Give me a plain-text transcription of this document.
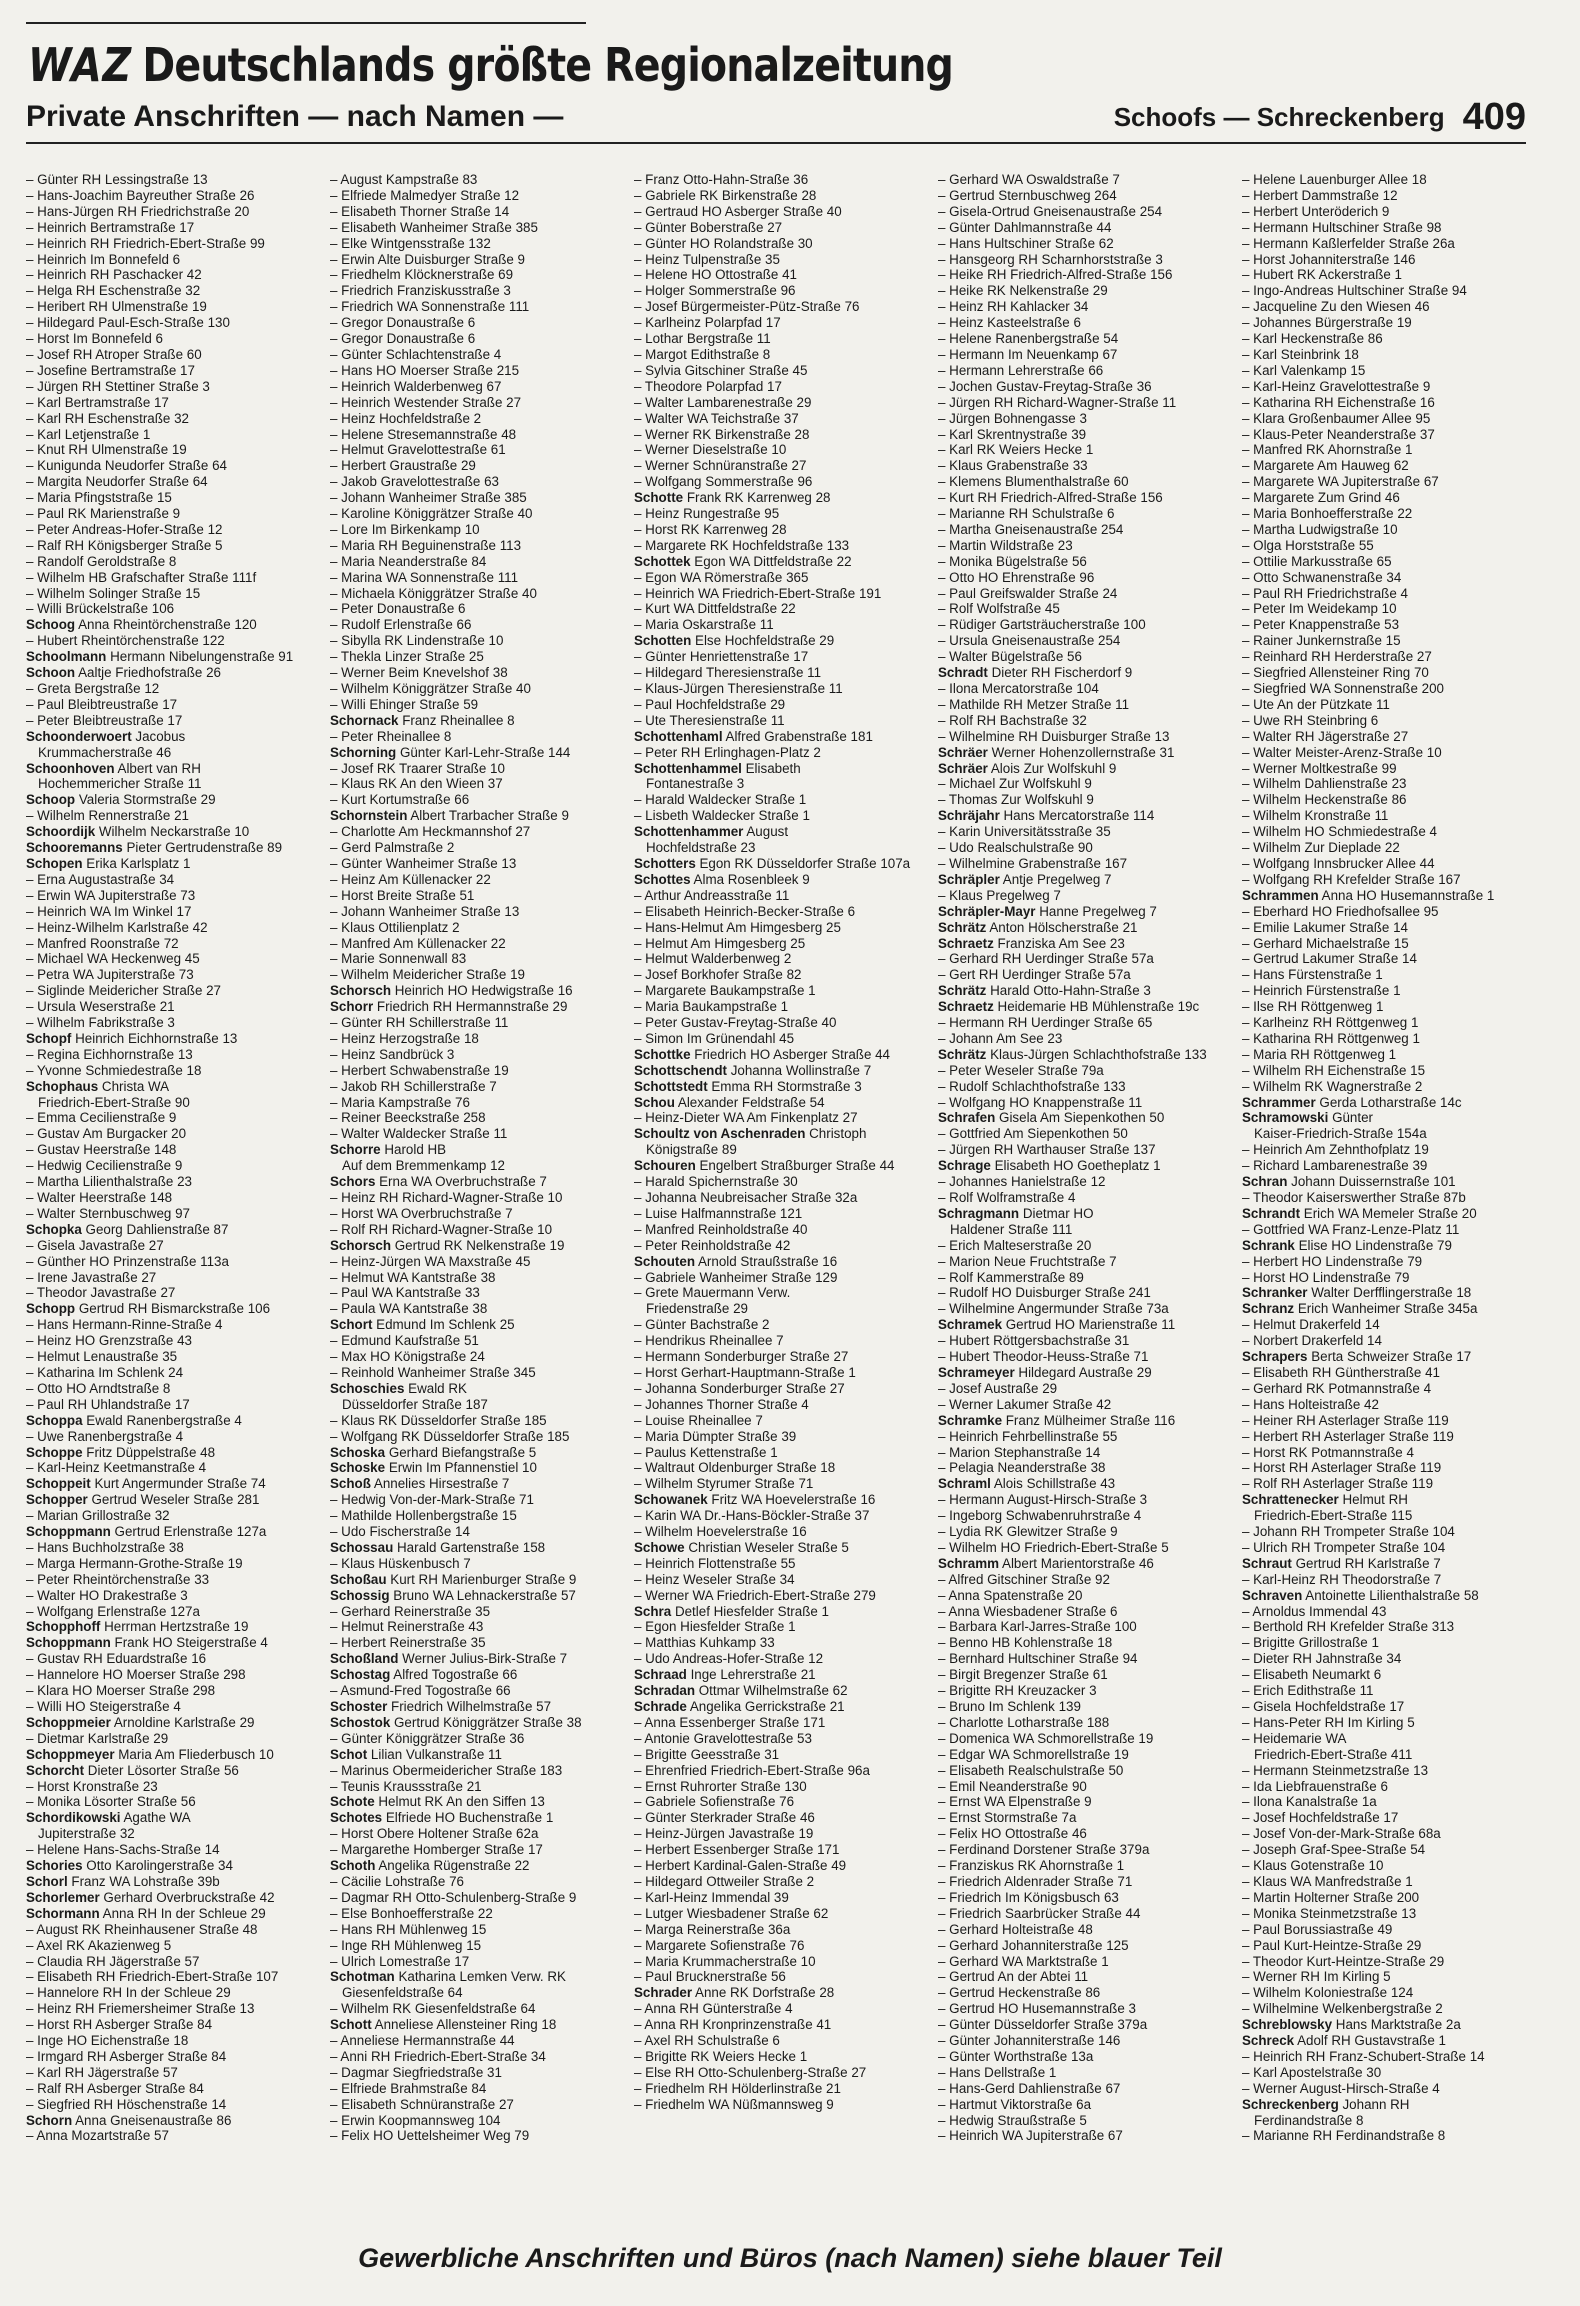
WAZ Deutschlands größte Regionalzeitung
Private Anschriften — nach Namen —	Schoofs — Schreckenberg 409
– Günter RH Lessingstraße 13
– Hans-Joachim Bayreuther Straße 26
– Hans-Jürgen RH Friedrichstraße 20
– Heinrich Bertramstraße 17
– Heinrich RH Friedrich-Ebert-Straße 99
– Heinrich Im Bonnefeld 6
– Heinrich RH Paschacker 42
– Helga RH Eschenstraße 32
– Heribert RH Ulmenstraße 19
– Hildegard Paul-Esch-Straße 130
– Horst Im Bonnefeld 6
– Josef RH Atroper Straße 60
– Josefine Bertramstraße 17
– Jürgen RH Stettiner Straße 3
– Karl Bertramstraße 17
– Karl RH Eschenstraße 32
– Karl Letjenstraße 1
– Knut RH Ulmenstraße 19
– Kunigunda Neudorfer Straße 64
– Margita Neudorfer Straße 64
– Maria Pfingststraße 15
– Paul RK Marienstraße 9
– Peter Andreas-Hofer-Straße 12
– Ralf RH Königsberger Straße 5
– Randolf Geroldstraße 8
– Wilhelm HB Grafschafter Straße 111f
– Wilhelm Solinger Straße 15
– Willi Brückelstraße 106
Schoog Anna Rheintörchenstraße 120
– Hubert Rheintörchenstraße 122
Schoolmann Hermann Nibelungenstraße 91
Schoon Aaltje Friedhofstraße 26
– Greta Bergstraße 12
– Paul Bleibtreustraße 17
– Peter Bleibtreustraße 17
Schoonderwoert Jacobus
Krummacherstraße 46
Schoonhoven Albert van RH
Hochemmericher Straße 11
Schoop Valeria Stormstraße 29
– Wilhelm Rennerstraße 21
Schoordijk Wilhelm Neckarstraße 10
Schooremanns Pieter Gertrudenstraße 89
Schopen Erika Karlsplatz 1
– Erna Augustastraße 34
– Erwin WA Jupiterstraße 73
– Heinrich WA Im Winkel 17
– Heinz-Wilhelm Karlstraße 42
– Manfred Roonstraße 72
– Michael WA Heckenweg 45
– Petra WA Jupiterstraße 73
– Siglinde Meidericher Straße 27
– Ursula Weserstraße 21
– Wilhelm Fabrikstraße 3
Schopf Heinrich Eichhornstraße 13
– Regina Eichhornstraße 13
– Yvonne Schmiedestraße 18
Schophaus Christa WA
Friedrich-Ebert-Straße 90
– Emma Cecilienstraße 9
– Gustav Am Burgacker 20
– Gustav Heerstraße 148
– Hedwig Cecilienstraße 9
– Martha Lilienthalstraße 23
– Walter Heerstraße 148
– Walter Sternbuschweg 97
Schopka Georg Dahlienstraße 87
– Gisela Javastraße 27
– Günther HO Prinzenstraße 113a
– Irene Javastraße 27
– Theodor Javastraße 27
Schopp Gertrud RH Bismarckstraße 106
– Hans Hermann-Rinne-Straße 4
– Heinz HO Grenzstraße 43
– Helmut Lenaustraße 35
– Katharina Im Schlenk 24
– Otto HO Arndtstraße 8
– Paul RH Uhlandstraße 17
Schoppa Ewald Ranenbergstraße 4
– Uwe Ranenbergstraße 4
Schoppe Fritz Düppelstraße 48
– Karl-Heinz Keetmanstraße 4
Schoppeit Kurt Angermunder Straße 74
Schopper Gertrud Weseler Straße 281
– Marian Grillostraße 32
Schoppmann Gertrud Erlenstraße 127a
– Hans Buchholzstraße 38
– Marga Hermann-Grothe-Straße 19
– Peter Rheintörchenstraße 33
– Walter HO Drakestraße 3
– Wolfgang Erlenstraße 127a
Schopphoff Herrman Hertzstraße 19
Schoppmann Frank HO Steigerstraße 4
– Gustav RH Eduardstraße 16
– Hannelore HO Moerser Straße 298
– Klara HO Moerser Straße 298
– Willi HO Steigerstraße 4
Schoppmeier Arnoldine Karlstraße 29
– Dietmar Karlstraße 29
Schoppmeyer Maria Am Fliederbusch 10
Schorcht Dieter Lösorter Straße 56
– Horst Kronstraße 23
– Monika Lösorter Straße 56
Schordikowski Agathe WA
Jupiterstraße 32
– Helene Hans-Sachs-Straße 14
Schories Otto Karolingerstraße 34
Schorl Franz WA Lohstraße 39b
Schorlemer Gerhard Overbruckstraße 42
Schormann Anna RH In der Schleue 29
– August RK Rheinhausener Straße 48
– Axel RK Akazienweg 5
– Claudia RH Jägerstraße 57
– Elisabeth RH Friedrich-Ebert-Straße 107
– Hannelore RH In der Schleue 29
– Heinz RH Friemersheimer Straße 13
– Horst RH Asberger Straße 84
– Inge HO Eichenstraße 18
– Irmgard RH Asberger Straße 84
– Karl RH Jägerstraße 57
– Ralf RH Asberger Straße 84
– Siegfried RH Höschenstraße 14
Schorn Anna Gneisenaustraße 86
– Anna Mozartstraße 57
– August Kampstraße 83
– Elfriede Malmedyer Straße 12
– Elisabeth Thorner Straße 14
– Elisabeth Wanheimer Straße 385
– Elke Wintgensstraße 132
– Erwin Alte Duisburger Straße 9
– Friedhelm Klöcknerstraße 69
– Friedrich Franziskusstraße 3
– Friedrich WA Sonnenstraße 111
– Gregor Donaustraße 6
– Gregor Donaustraße 6
– Günter Schlachtenstraße 4
– Hans HO Moerser Straße 215
– Heinrich Walderbenweg 67
– Heinrich Westender Straße 27
– Heinz Hochfeldstraße 2
– Helene Stresemannstraße 48
– Helmut Gravelottestraße 61
– Herbert Graustraße 29
– Jakob Gravelottestraße 63
– Johann Wanheimer Straße 385
– Karoline Königgrätzer Straße 40
– Lore Im Birkenkamp 10
– Maria RH Beguinenstraße 113
– Maria Neanderstraße 84
– Marina WA Sonnenstraße 111
– Michaela Königgrätzer Straße 40
– Peter Donaustraße 6
– Rudolf Erlenstraße 66
– Sibylla RK Lindenstraße 10
– Thekla Linzer Straße 25
– Werner Beim Knevelshof 38
– Wilhelm Königgrätzer Straße 40
– Willi Ehinger Straße 59
Schornack Franz Rheinallee 8
– Peter Rheinallee 8
Schorning Günter Karl-Lehr-Straße 144
– Josef RK Traarer Straße 10
– Klaus RK An den Wieen 37
– Kurt Kortumstraße 66
Schornstein Albert Trarbacher Straße 9
– Charlotte Am Heckmannshof 27
– Gerd Palmstraße 2
– Günter Wanheimer Straße 13
– Heinz Am Küllenacker 22
– Horst Breite Straße 51
– Johann Wanheimer Straße 13
– Klaus Ottilienplatz 2
– Manfred Am Küllenacker 22
– Marie Sonnenwall 83
– Wilhelm Meidericher Straße 19
Schorsch Heinrich HO Hedwigstraße 16
Schorr Friedrich RH Hermannstraße 29
– Günter RH Schillerstraße 11
– Heinz Herzogstraße 18
– Heinz Sandbrück 3
– Herbert Schwabenstraße 19
– Jakob RH Schillerstraße 7
– Maria Kampstraße 76
– Reiner Beeckstraße 258
– Walter Waldecker Straße 11
Schorre Harold HB
Auf dem Bremmenkamp 12
Schors Erna WA Overbruchstraße 7
– Heinz RH Richard-Wagner-Straße 10
– Horst WA Overbruchstraße 7
– Rolf RH Richard-Wagner-Straße 10
Schorsch Gertrud RK Nelkenstraße 19
– Heinz-Jürgen WA Maxstraße 45
– Helmut WA Kantstraße 38
– Paul WA Kantstraße 33
– Paula WA Kantstraße 38
Schort Edmund Im Schlenk 25
– Edmund Kaufstraße 51
– Max HO Königstraße 24
– Reinhold Wanheimer Straße 345
Schoschies Ewald RK
Düsseldorfer Straße 187
– Klaus RK Düsseldorfer Straße 185
– Wolfgang RK Düsseldorfer Straße 185
Schoska Gerhard Biefangstraße 5
Schoske Erwin Im Pfannenstiel 10
Schoß Annelies Hirsestraße 7
– Hedwig Von-der-Mark-Straße 71
– Mathilde Hollenbergstraße 15
– Udo Fischerstraße 14
Schossau Harald Gartenstraße 158
– Klaus Hüskenbusch 7
Schoßau Kurt RH Marienburger Straße 9
Schossig Bruno WA Lehnackerstraße 57
– Gerhard Reinerstraße 35
– Helmut Reinerstraße 43
– Herbert Reinerstraße 35
Schoßland Werner Julius-Birk-Straße 7
Schostag Alfred Togostraße 66
– Asmund-Fred Togostraße 66
Schoster Friedrich Wilhelmstraße 57
Schostok Gertrud Königgrätzer Straße 38
– Günter Königgrätzer Straße 36
Schot Lilian Vulkanstraße 11
– Marinus Obermeidericher Straße 183
– Teunis Kraussstraße 21
Schote Helmut RK An den Siffen 13
Schotes Elfriede HO Buchenstraße 1
– Horst Obere Holtener Straße 62a
– Margarethe Homberger Straße 17
Schoth Angelika Rügenstraße 22
– Cäcilie Lohstraße 76
– Dagmar RH Otto-Schulenberg-Straße 9
– Else Bonhoefferstraße 22
– Hans RH Mühlenweg 15
– Inge RH Mühlenweg 15
– Ulrich Lomestraße 17
Schotman Katharina Lemken Verw. RK
Giesenfeldstraße 64
– Wilhelm RK Giesenfeldstraße 64
Schott Anneliese Allensteiner Ring 18
– Anneliese Hermannstraße 44
– Anni RH Friedrich-Ebert-Straße 34
– Dagmar Siegfriedstraße 31
– Elfriede Brahmstraße 84
– Elisabeth Schnüranstraße 27
– Erwin Koopmannsweg 104
– Felix HO Uettelsheimer Weg 79
– Franz Otto-Hahn-Straße 36
– Gabriele RK Birkenstraße 28
– Gertraud HO Asberger Straße 40
– Günter Boberstraße 27
– Günter HO Rolandstraße 30
– Heinz Tulpenstraße 35
– Helene HO Ottostraße 41
– Holger Sommerstraße 96
– Josef Bürgermeister-Pütz-Straße 76
– Karlheinz Polarpfad 17
– Lothar Bergstraße 11
– Margot Edithstraße 8
– Sylvia Gitschiner Straße 45
– Theodore Polarpfad 17
– Walter Lambarenestraße 29
– Walter WA Teichstraße 37
– Werner RK Birkenstraße 28
– Werner Dieselstraße 10
– Werner Schnüranstraße 27
– Wolfgang Sommerstraße 96
Schotte Frank RK Karrenweg 28
– Heinz Rungestraße 95
– Horst RK Karrenweg 28
– Margarete RK Hochfeldstraße 133
Schottek Egon WA Dittfeldstraße 22
– Egon WA Römerstraße 365
– Heinrich WA Friedrich-Ebert-Straße 191
– Kurt WA Dittfeldstraße 22
– Maria Oskarstraße 11
Schotten Else Hochfeldstraße 29
– Günter Henriettenstraße 17
– Hildegard Theresienstraße 11
– Klaus-Jürgen Theresienstraße 11
– Paul Hochfeldstraße 29
– Ute Theresienstraße 11
Schottenhaml Alfred Grabenstraße 181
– Peter RH Erlinghagen-Platz 2
Schottenhammel Elisabeth
Fontanestraße 3
– Harald Waldecker Straße 1
– Lisbeth Waldecker Straße 1
Schottenhammer August
Hochfeldstraße 23
Schotters Egon RK Düsseldorfer Straße 107a
Schottes Alma Rosenbleek 9
– Arthur Andreasstraße 11
– Elisabeth Heinrich-Becker-Straße 6
– Hans-Helmut Am Himgesberg 25
– Helmut Am Himgesberg 25
– Helmut Walderbenweg 2
– Josef Borkhofer Straße 82
– Margarete Baukampstraße 1
– Maria Baukampstraße 1
– Peter Gustav-Freytag-Straße 40
– Simon Im Grünendahl 45
Schottke Friedrich HO Asberger Straße 44
Schottschendt Johanna Wollinstraße 7
Schottstedt Emma RH Stormstraße 3
Schou Alexander Feldstraße 54
– Heinz-Dieter WA Am Finkenplatz 27
Schoultz von Aschenraden Christoph
Königstraße 89
Schouren Engelbert Straßburger Straße 44
– Harald Spichernstraße 30
– Johanna Neubreisacher Straße 32a
– Luise Halfmannstraße 121
– Manfred Reinholdstraße 40
– Peter Reinholdstraße 42
Schouten Arnold Straußstraße 16
– Gabriele Wanheimer Straße 129
– Grete Mauermann Verw.
Friedenstraße 29
– Günter Bachstraße 2
– Hendrikus Rheinallee 7
– Hermann Sonderburger Straße 27
– Horst Gerhart-Hauptmann-Straße 1
– Johanna Sonderburger Straße 27
– Johannes Thorner Straße 4
– Louise Rheinallee 7
– Maria Dümpter Straße 39
– Paulus Kettenstraße 1
– Waltraut Oldenburger Straße 18
– Wilhelm Styrumer Straße 71
Schowanek Fritz WA Hoevelerstraße 16
– Karin WA Dr.-Hans-Böckler-Straße 37
– Wilhelm Hoevelerstraße 16
Schowe Christian Weseler Straße 5
– Heinrich Flottenstraße 55
– Heinz Weseler Straße 34
– Werner WA Friedrich-Ebert-Straße 279
Schra Detlef Hiesfelder Straße 1
– Egon Hiesfelder Straße 1
– Matthias Kuhkamp 33
– Udo Andreas-Hofer-Straße 12
Schraad Inge Lehrerstraße 21
Schradan Ottmar Wilhelmstraße 62
Schrade Angelika Gerrickstraße 21
– Anna Essenberger Straße 171
– Antonie Gravelottestraße 53
– Brigitte Geesstraße 31
– Ehrenfried Friedrich-Ebert-Straße 96a
– Ernst Ruhrorter Straße 130
– Gabriele Sofienstraße 76
– Günter Sterkrader Straße 46
– Heinz-Jürgen Javastraße 19
– Herbert Essenberger Straße 171
– Herbert Kardinal-Galen-Straße 49
– Hildegard Ottweiler Straße 2
– Karl-Heinz Immendal 39
– Lutger Wiesbadener Straße 62
– Marga Reinerstraße 36a
– Margarete Sofienstraße 76
– Maria Krummacherstraße 10
– Paul Brucknerstraße 56
Schrader Anne RK Dorfstraße 28
– Anna RH Günterstraße 4
– Anna RH Kronprinzenstraße 41
– Axel RH Schulstraße 6
– Brigitte RK Weiers Hecke 1
– Else RH Otto-Schulenberg-Straße 27
– Friedhelm RH Hölderlinstraße 21
– Friedhelm WA Nüßmannsweg 9
– Gerhard WA Oswaldstraße 7
– Gertrud Sternbuschweg 264
– Gisela-Ortrud Gneisenaustraße 254
– Günter Dahlmannstraße 44
– Hans Hultschiner Straße 62
– Hansgeorg RH Scharnhorststraße 3
– Heike RH Friedrich-Alfred-Straße 156
– Heike RK Nelkenstraße 29
– Heinz RH Kahlacker 34
– Heinz Kasteelstraße 6
– Helene Ranenbergstraße 54
– Hermann Im Neuenkamp 67
– Hermann Lehrerstraße 66
– Jochen Gustav-Freytag-Straße 36
– Jürgen RH Richard-Wagner-Straße 11
– Jürgen Bohnengasse 3
– Karl Skrentnystraße 39
– Karl RK Weiers Hecke 1
– Klaus Grabenstraße 33
– Klemens Blumenthalstraße 60
– Kurt RH Friedrich-Alfred-Straße 156
– Marianne RH Schulstraße 6
– Martha Gneisenaustraße 254
– Martin Wildstraße 23
– Monika Bügelstraße 56
– Otto HO Ehrenstraße 96
– Paul Greifswalder Straße 24
– Rolf Wolfstraße 45
– Rüdiger Gartsträucherstraße 100
– Ursula Gneisenaustraße 254
– Walter Bügelstraße 56
Schradt Dieter RH Fischerdorf 9
– Ilona Mercatorstraße 104
– Mathilde RH Metzer Straße 11
– Rolf RH Bachstraße 32
– Wilhelmine RH Duisburger Straße 13
Schräer Werner Hohenzollernstraße 31
Schräer Alois Zur Wolfskuhl 9
– Michael Zur Wolfskuhl 9
– Thomas Zur Wolfskuhl 9
Schräjahr Hans Mercatorstraße 114
– Karin Universitätsstraße 35
– Udo Realschulstraße 90
– Wilhelmine Grabenstraße 167
Schräpler Antje Pregelweg 7
– Klaus Pregelweg 7
Schräpler-Mayr Hanne Pregelweg 7
Schrätz Anton Hölscherstraße 21
Schraetz Franziska Am See 23
– Gerhard RH Uerdinger Straße 57a
– Gert RH Uerdinger Straße 57a
Schrätz Harald Otto-Hahn-Straße 3
Schraetz Heidemarie HB Mühlenstraße 19c
– Hermann RH Uerdinger Straße 65
– Johann Am See 23
Schrätz Klaus-Jürgen Schlachthofstraße 133
– Peter Weseler Straße 79a
– Rudolf Schlachthofstraße 133
– Wolfgang HO Knappenstraße 11
Schrafen Gisela Am Siepenkothen 50
– Gottfried Am Siepenkothen 50
– Jürgen RH Warthauser Straße 137
Schrage Elisabeth HO Goetheplatz 1
– Johannes Hanielstraße 12
– Rolf Wolframstraße 4
Schragmann Dietmar HO
Haldener Straße 111
– Erich Malteserstraße 20
– Marion Neue Fruchtstraße 7
– Rolf Kammerstraße 89
– Rudolf HO Duisburger Straße 241
– Wilhelmine Angermunder Straße 73a
Schramek Gertrud HO Marienstraße 11
– Hubert Röttgersbachstraße 31
– Hubert Theodor-Heuss-Straße 71
Schrameyer Hildegard Austraße 29
– Josef Austraße 29
– Werner Lakumer Straße 42
Schramke Franz Mülheimer Straße 116
– Heinrich Fehrbellinstraße 55
– Marion Stephanstraße 14
– Pelagia Neanderstraße 38
Schraml Alois Schillstraße 43
– Hermann August-Hirsch-Straße 3
– Ingeborg Schwabenruhrstraße 4
– Lydia RK Glewitzer Straße 9
– Wilhelm HO Friedrich-Ebert-Straße 5
Schramm Albert Marientorstraße 46
– Alfred Gitschiner Straße 92
– Anna Spatenstraße 20
– Anna Wiesbadener Straße 6
– Barbara Karl-Jarres-Straße 100
– Benno HB Kohlenstraße 18
– Bernhard Hultschiner Straße 94
– Birgit Bregenzer Straße 61
– Brigitte RH Kreuzacker 3
– Bruno Im Schlenk 139
– Charlotte Lotharstraße 188
– Domenica WA Schmorellstraße 19
– Edgar WA Schmorellstraße 19
– Elisabeth Realschulstraße 50
– Emil Neanderstraße 90
– Ernst WA Elpenstraße 9
– Ernst Stormstraße 7a
– Felix HO Ottostraße 46
– Ferdinand Dorstener Straße 379a
– Franziskus RK Ahornstraße 1
– Friedrich Aldenrader Straße 71
– Friedrich Im Königsbusch 63
– Friedrich Saarbrücker Straße 44
– Gerhard Holteistraße 48
– Gerhard Johanniterstraße 125
– Gerhard WA Marktstraße 1
– Gertrud An der Abtei 11
– Gertrud Heckenstraße 86
– Gertrud HO Husemannstraße 3
– Günter Düsseldorfer Straße 379a
– Günter Johanniterstraße 146
– Günter Worthstraße 13a
– Hans Dellstraße 1
– Hans-Gerd Dahlienstraße 67
– Hartmut Viktorstraße 6a
– Hedwig Straußstraße 5
– Heinrich WA Jupiterstraße 67
– Helene Lauenburger Allee 18
– Herbert Dammstraße 12
– Herbert Unteröderich 9
– Hermann Hultschiner Straße 98
– Hermann Kaßlerfelder Straße 26a
– Horst Johanniterstraße 146
– Hubert RK Ackerstraße 1
– Ingo-Andreas Hultschiner Straße 94
– Jacqueline Zu den Wiesen 46
– Johannes Bürgerstraße 19
– Karl Heckenstraße 86
– Karl Steinbrink 18
– Karl Valenkamp 15
– Karl-Heinz Gravelottestraße 9
– Katharina RH Eichenstraße 16
– Klara Großenbaumer Allee 95
– Klaus-Peter Neanderstraße 37
– Manfred RK Ahornstraße 1
– Margarete Am Hauweg 62
– Margarete WA Jupiterstraße 67
– Margarete Zum Grind 46
– Maria Bonhoefferstraße 22
– Martha Ludwigstraße 10
– Olga Horststraße 55
– Ottilie Markusstraße 65
– Otto Schwanenstraße 34
– Paul RH Friedrichstraße 4
– Peter Im Weidekamp 10
– Peter Knappenstraße 53
– Rainer Junkernstraße 15
– Reinhard RH Herderstraße 27
– Siegfried Allensteiner Ring 70
– Siegfried WA Sonnenstraße 200
– Ute An der Pützkate 11
– Uwe RH Steinbring 6
– Walter RH Jägerstraße 27
– Walter Meister-Arenz-Straße 10
– Werner Moltkestraße 99
– Wilhelm Dahlienstraße 23
– Wilhelm Heckenstraße 86
– Wilhelm Kronstraße 11
– Wilhelm HO Schmiedestraße 4
– Wilhelm Zur Dieplade 22
– Wolfgang Innsbrucker Allee 44
– Wolfgang RH Krefelder Straße 167
Schrammen Anna HO Husemannstraße 1
– Eberhard HO Friedhofsallee 95
– Emilie Lakumer Straße 14
– Gerhard Michaelstraße 15
– Gertrud Lakumer Straße 14
– Hans Fürstenstraße 1
– Heinrich Fürstenstraße 1
– Ilse RH Röttgenweg 1
– Karlheinz RH Röttgenweg 1
– Katharina RH Röttgenweg 1
– Maria RH Röttgenweg 1
– Wilhelm RH Eichenstraße 15
– Wilhelm RK Wagnerstraße 2
Schrammer Gerda Lotharstraße 14c
Schramowski Günter
Kaiser-Friedrich-Straße 154a
– Heinrich Am Zehnthofplatz 19
– Richard Lambarenestraße 39
Schran Johann Duissernstraße 101
– Theodor Kaiserswerther Straße 87b
Schrandt Erich WA Memeler Straße 20
– Gottfried WA Franz-Lenze-Platz 11
Schrank Elise HO Lindenstraße 79
– Herbert HO Lindenstraße 79
– Horst HO Lindenstraße 79
Schranker Walter Derfflingerstraße 18
Schranz Erich Wanheimer Straße 345a
– Helmut Drakerfeld 14
– Norbert Drakerfeld 14
Schrapers Berta Schweizer Straße 17
– Elisabeth RH Güntherstraße 41
– Gerhard RK Potmannstraße 4
– Hans Holteistraße 42
– Heiner RH Asterlager Straße 119
– Herbert RH Asterlager Straße 119
– Horst RK Potmannstraße 4
– Horst RH Asterlager Straße 119
– Rolf RH Asterlager Straße 119
Schrattenecker Helmut RH
Friedrich-Ebert-Straße 115
– Johann RH Trompeter Straße 104
– Ulrich RH Trompeter Straße 104
Schraut Gertrud RH Karlstraße 7
– Karl-Heinz RH Theodorstraße 7
Schraven Antoinette Lilienthalstraße 58
– Arnoldus Immendal 43
– Berthold RH Krefelder Straße 313
– Brigitte Grillostraße 1
– Dieter RH Jahnstraße 34
– Elisabeth Neumarkt 6
– Erich Edithstraße 11
– Gisela Hochfeldstraße 17
– Hans-Peter RH Im Kirling 5
– Heidemarie WA
Friedrich-Ebert-Straße 411
– Hermann Steinmetzstraße 13
– Ida Liebfrauenstraße 6
– Ilona Kanalstraße 1a
– Josef Hochfeldstraße 17
– Josef Von-der-Mark-Straße 68a
– Joseph Graf-Spee-Straße 54
– Klaus Gotenstraße 10
– Klaus WA Manfredstraße 1
– Martin Holterner Straße 200
– Monika Steinmetzstraße 13
– Paul Borussiastraße 49
– Paul Kurt-Heintze-Straße 29
– Theodor Kurt-Heintze-Straße 29
– Werner RH Im Kirling 5
– Wilhelm Koloniestraße 124
– Wilhelmine Welkenbergstraße 2
Schreblowsky Hans Marktstraße 2a
Schreck Adolf RH Gustavstraße 1
– Heinrich RH Franz-Schubert-Straße 14
– Karl Apostelstraße 30
– Werner August-Hirsch-Straße 4
Schreckenberg Johann RH
Ferdinandstraße 8
– Marianne RH Ferdinandstraße 8
Gewerbliche Anschriften und Büros (nach Namen) siehe blauer Teil
